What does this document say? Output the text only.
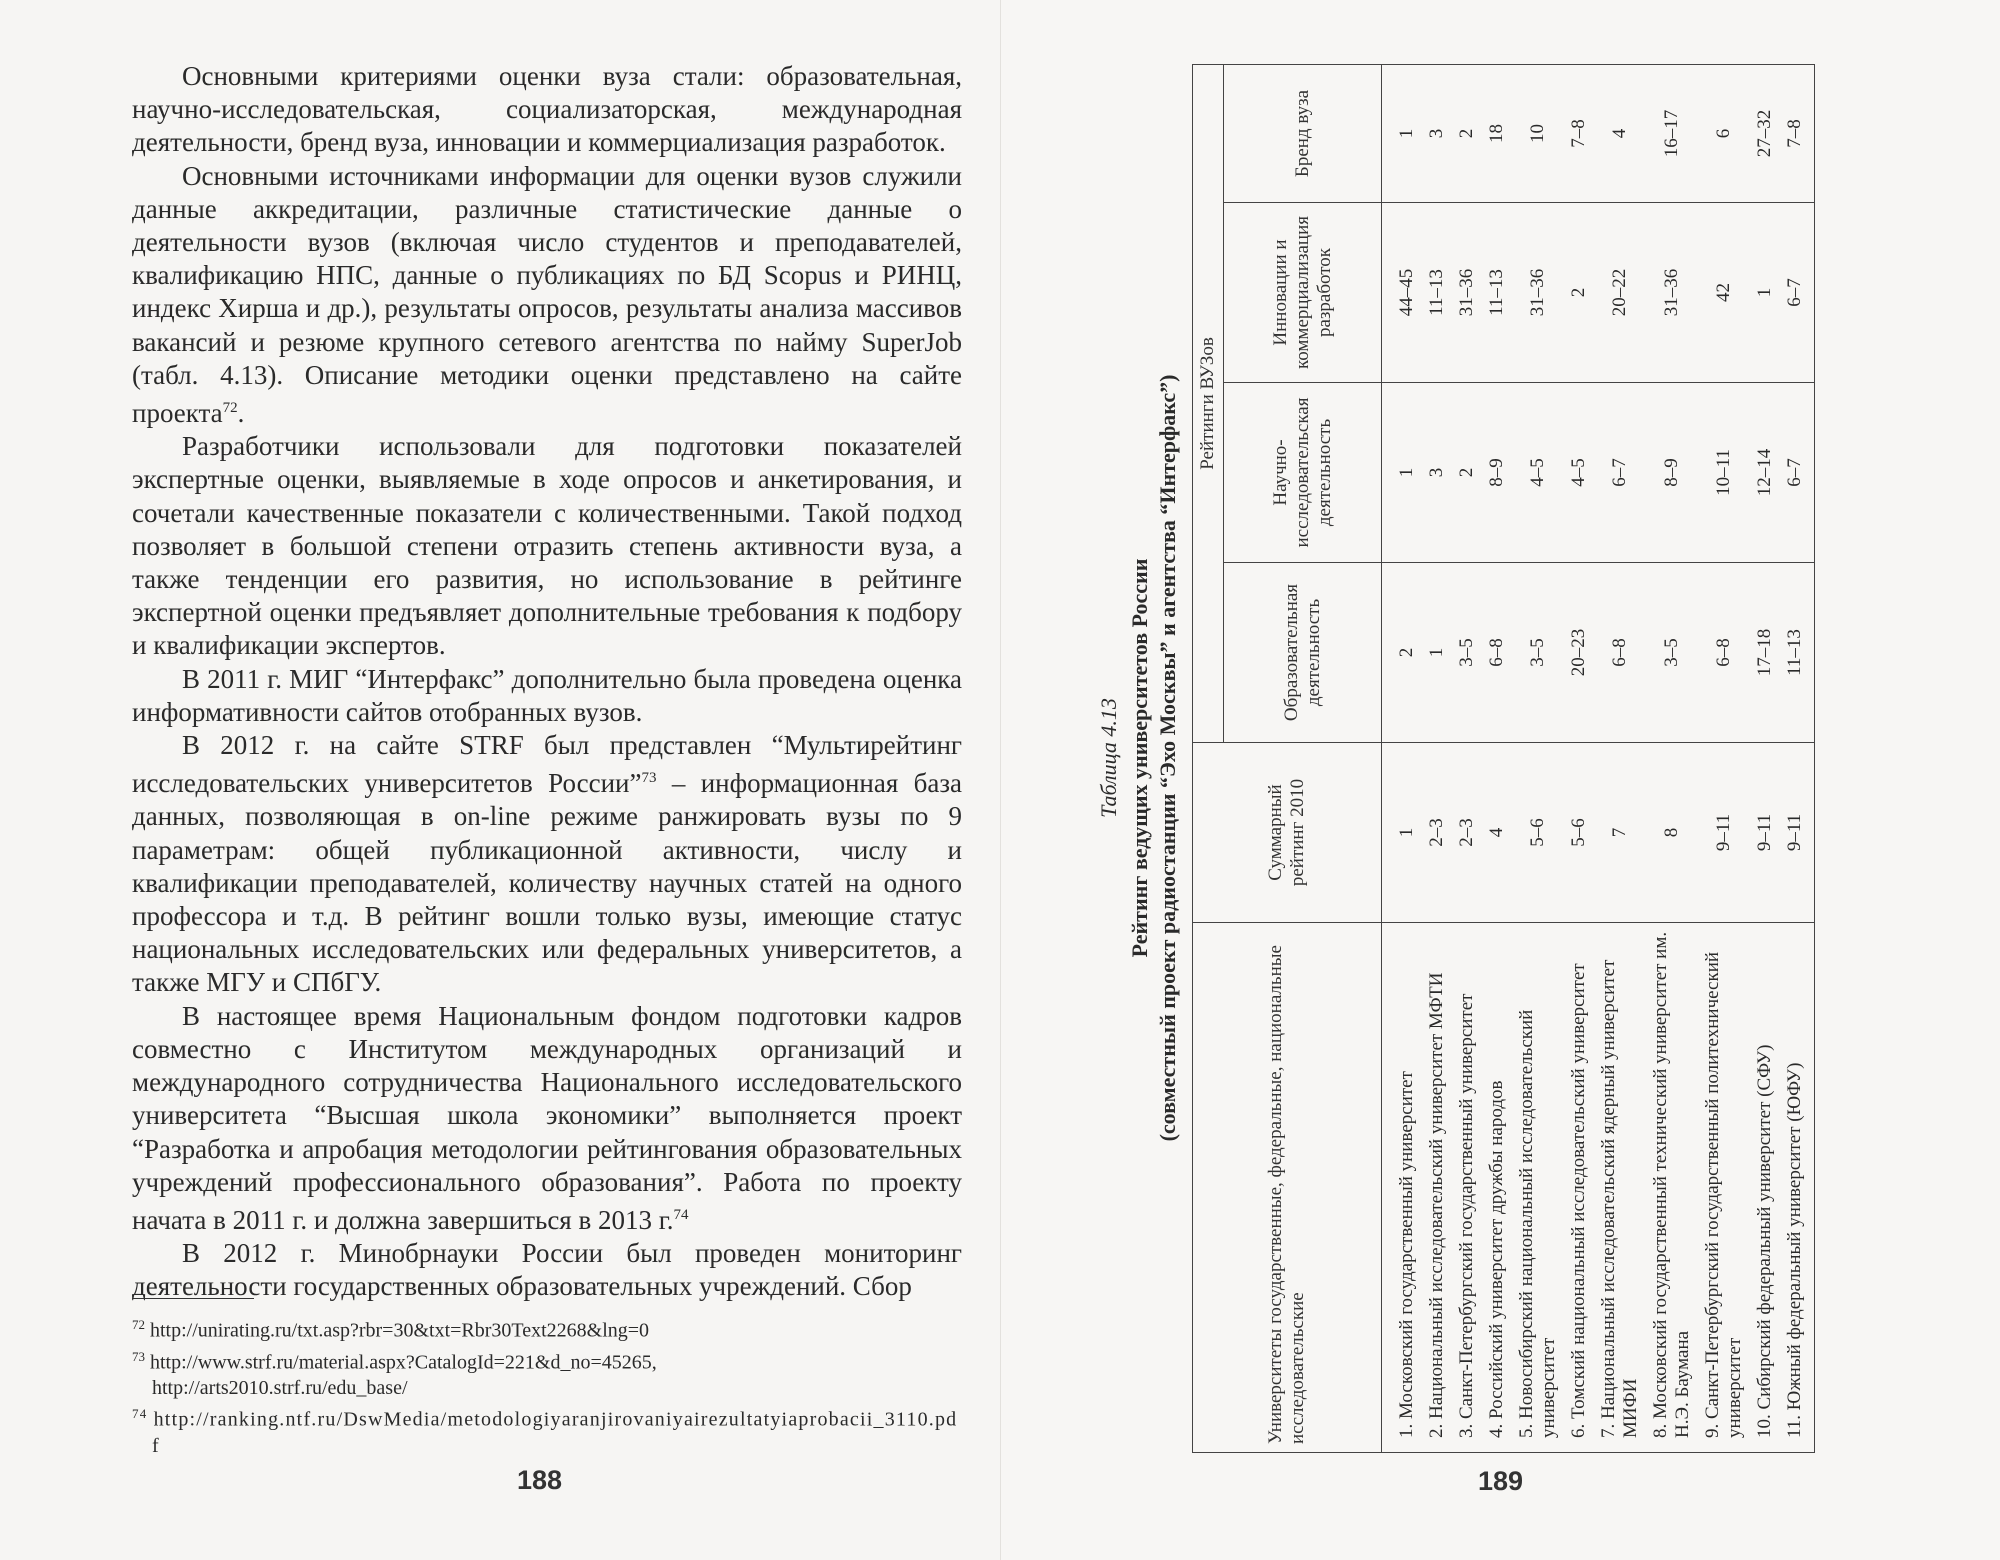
Основными критериями оценки вуза стали: образовательная, научно-исследовательская, социализаторская, международная деятельности, бренд вуза, инновации и коммерциализация разработок.

Основными источниками информации для оценки вузов служили данные аккредитации, различные статистические данные о деятельности вузов (включая число студентов и преподавателей, квалификацию НПС, данные о публикациях по БД Scopus и РИНЦ, индекс Хирша и др.), результаты опросов, результаты анализа массивов вакансий и резюме крупного сетевого агентства по найму SuperJob (табл. 4.13). Описание методики оценки представлено на сайте проекта$^{72}$.

Разработчики использовали для подготовки показателей экспертные оценки, выявляемые в ходе опросов и анкетирования, и сочетали качественные показатели с количественными. Такой подход позволяет в большой степени отразить степень активности вуза, а также тенденции его развития, но использование в рейтинге экспертной оценки предъявляет дополнительные требования к подбору и квалификации экспертов.

В 2011 г. МИГ “Интерфакс” дополнительно была проведена оценка информативности сайтов отобранных вузов.

В 2012 г. на сайте STRF был представлен “Мультирейтинг исследовательских университетов России”$^{73}$ – информационная база данных, позволяющая в on-line режиме ранжировать вузы по 9 параметрам: общей публикационной активности, числу и квалификации преподавателей, количеству научных статей на одного профессора и т.д. В рейтинг вошли только вузы, имеющие статус национальных исследовательских или федеральных университетов, а также МГУ и СПбГУ.

В настоящее время Национальным фондом подготовки кадров совместно с Институтом международных организаций и международного сотрудничества Национального исследовательского университета “Высшая школа экономики” выполняется проект “Разработка и апробация методологии рейтингования образовательных учреждений профессионального образования”. Работа по проекту начата в 2011 г. и должна завершиться в 2013 г.$^{74}$

В 2012 г. Минобрнауки России был проведен мониторинг деятельности государственных образовательных учреждений. Сбор

$^{72}$ http://unirating.ru/txt.asp?rbr=30&txt=Rbr30Text2268&lng=0

$^{73}$ http://www.strf.ru/material.aspx?CatalogId=221&d_no=45265,          http://arts2010.strf.ru/edu_base/

$^{74}$ http://ranking.ntf.ru/DswMedia/metodologiyaranjirovaniyairezultatyiaprobacii_3110.pdf

188	189
Таблица 4.13 Рейтинг ведущих университетов России (совместный проект радиостанции “Эхо Москвы” и агентства “Интерфакс”)
Университеты государственные, федеральные, национальные исследовательские	Суммарный рейтинг 2010	Рейтинги ВУЗов			
		Образовательная деятельность	Научно-исследовательская деятельность	Инновации и коммерциализация разработок	Бренд вуза
1. Московский государственный университет	1	2	1	44–45	1
2. Национальный исследовательский университет МФТИ	2–3	1	3	11–13	3
3. Санкт-Петербургский государственный университет	2–3	3–5	2	31–36	2
4. Российский университет дружбы народов	4	6–8	8–9	11–13	18
5. Новосибирский национальный исследовательский университет	5–6	3–5	4–5	31–36	10
6. Томский национальный исследовательский университет	5–6	20–23	4–5	2	7–8
7. Национальный исследовательский ядерный университет МИФИ	7	6–8	6–7	20–22	4
8. Московский государственный технический университет им. Н.Э. Баумана	8	3–5	8–9	31–36	16–17
9. Санкт-Петербургский государственный политехнический университет	9–11	6–8	10–11	42	6
10. Сибирский федеральный университет (СФУ)	9–11	17–18	12–14	1	27–32
11. Южный федеральный университет (ЮФУ)	9–11	11–13	6–7	6–7	7–8
